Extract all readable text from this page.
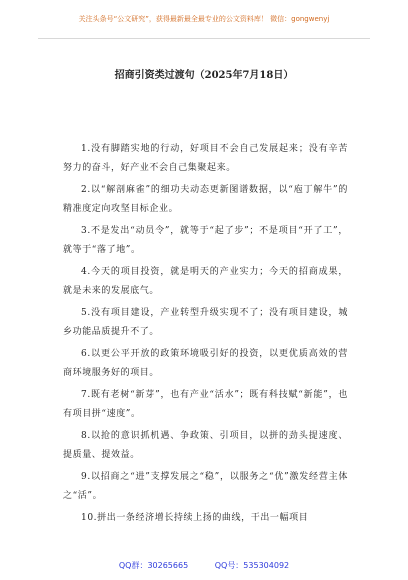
关注头条号“公文研究”，获得最新最全最专业的公文资料库！ 微信：gongwenyj
招商引资类过渡句（2025年7月18日）
1.没有脚踏实地的行动，好项目不会自己发展起来；没有辛苦努力的奋斗，好产业不会自己集聚起来。
2.以“解剖麻雀”的细功夫动态更新图谱数据，以“庖丁解牛”的精准度定向攻坚目标企业。
3.不是发出“动员令”，就等于“起了步”；不是项目“开了工”，就等于“落了地”。
4.今天的项目投资，就是明天的产业实力；今天的招商成果，就是未来的发展底气。
5.没有项目建设，产业转型升级实现不了；没有项目建设，城乡功能品质提升不了。
6.以更公平开放的政策环境吸引好的投资，以更优质高效的营商环境服务好的项目。
7.既有老树“新芽”，也有产业“活水”；既有科技赋“新能”，也有项目拼“速度”。
8.以抢的意识抓机遇、争政策、引项目，以拼的劲头提速度、提质量、提效益。
9.以招商之“进”支撑发展之“稳”，以服务之“优”激发经营主体之“活”。
10.拼出一条经济增长持续上扬的曲线，干出一幅项目
QQ群：30265665	QQ号：535304092
